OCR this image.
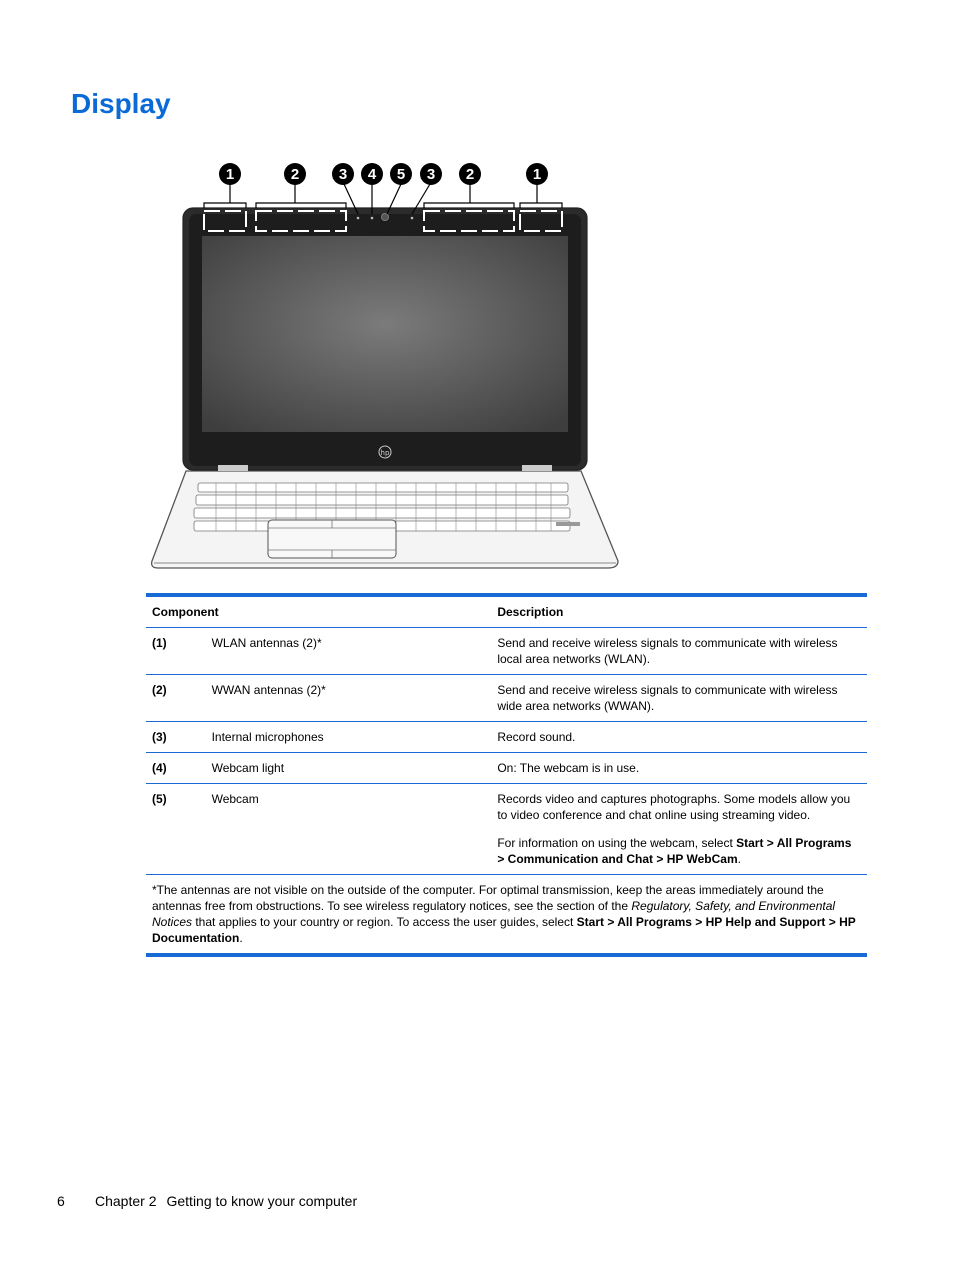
Display
hp
1	2	3 4 5 3 2	1
Component		Description
(1)	WLAN antennas (2)*	Send and receive wireless signals to communicate with wireless local area networks (WLAN).
(2)	WWAN antennas (2)*	Send and receive wireless signals to communicate with wireless wide area networks (WWAN).
(3)	Internal microphones	Record sound.
(4)	Webcam light	On: The webcam is in use.
(5)	Webcam	Records video and captures photographs. Some models allow you to video conference and chat online using streaming video.

For information on using the webcam, select Start > All Programs > Communication and Chat > HP WebCam.

*The antennas are not visible on the outside of the computer. For optimal transmission, keep the areas immediately around the antennas free from obstructions. To see wireless regulatory notices, see the section of the Regulatory, Safety, and Environmental Notices that applies to your country or region. To access the user guides, select Start > All Programs > HP Help and Support > HP Documentation.		
6 Chapter 2 Getting to know your computer
